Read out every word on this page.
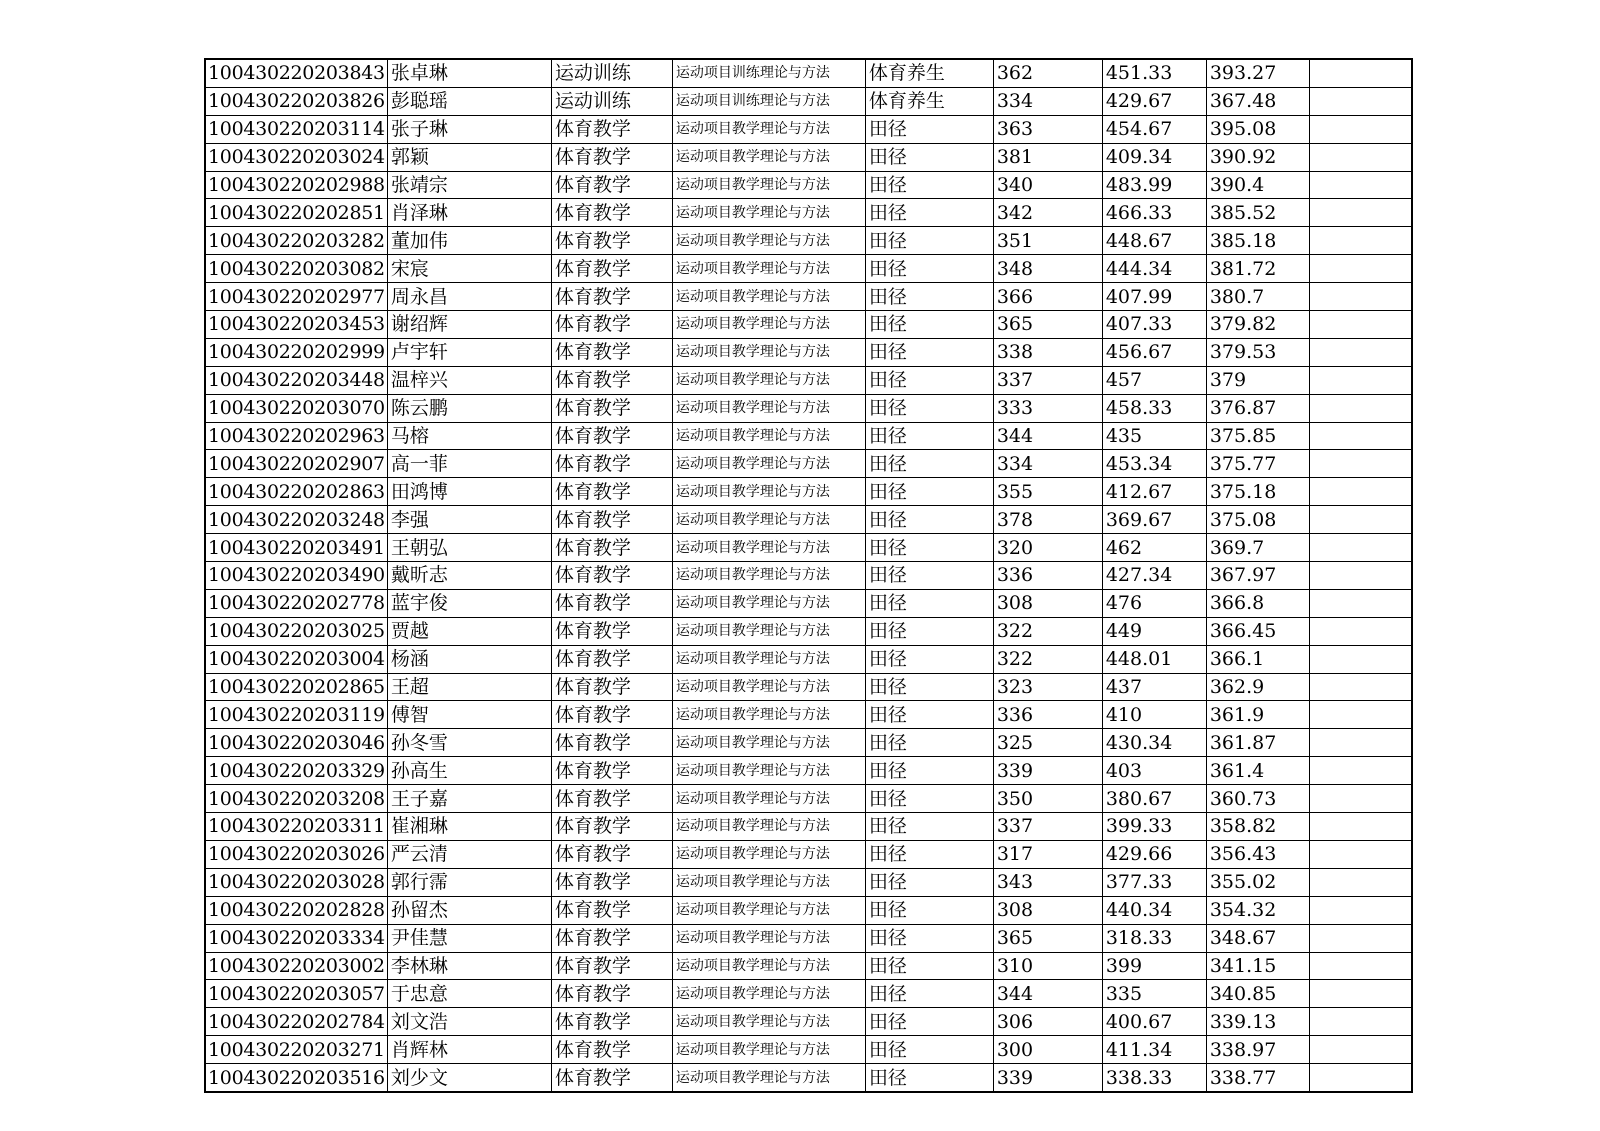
100430220203843	张卓琳	运动训练	运动项目训练理论与方法	体育养生	362	451.33	393.27	
100430220203826	彭聪瑶	运动训练	运动项目训练理论与方法	体育养生	334	429.67	367.48	
100430220203114	张子琳	体育教学	运动项目教学理论与方法	田径	363	454.67	395.08	
100430220203024	郭颖	体育教学	运动项目教学理论与方法	田径	381	409.34	390.92	
100430220202988	张靖宗	体育教学	运动项目教学理论与方法	田径	340	483.99	390.4	
100430220202851	肖泽琳	体育教学	运动项目教学理论与方法	田径	342	466.33	385.52	
100430220203282	董加伟	体育教学	运动项目教学理论与方法	田径	351	448.67	385.18	
100430220203082	宋宸	体育教学	运动项目教学理论与方法	田径	348	444.34	381.72	
100430220202977	周永昌	体育教学	运动项目教学理论与方法	田径	366	407.99	380.7	
100430220203453	谢绍辉	体育教学	运动项目教学理论与方法	田径	365	407.33	379.82	
100430220202999	卢宇轩	体育教学	运动项目教学理论与方法	田径	338	456.67	379.53	
100430220203448	温梓兴	体育教学	运动项目教学理论与方法	田径	337	457	379	
100430220203070	陈云鹏	体育教学	运动项目教学理论与方法	田径	333	458.33	376.87	
100430220202963	马榕	体育教学	运动项目教学理论与方法	田径	344	435	375.85	
100430220202907	高一菲	体育教学	运动项目教学理论与方法	田径	334	453.34	375.77	
100430220202863	田鸿博	体育教学	运动项目教学理论与方法	田径	355	412.67	375.18	
100430220203248	李强	体育教学	运动项目教学理论与方法	田径	378	369.67	375.08	
100430220203491	王朝弘	体育教学	运动项目教学理论与方法	田径	320	462	369.7	
100430220203490	戴昕志	体育教学	运动项目教学理论与方法	田径	336	427.34	367.97	
100430220202778	蓝宇俊	体育教学	运动项目教学理论与方法	田径	308	476	366.8	
100430220203025	贾越	体育教学	运动项目教学理论与方法	田径	322	449	366.45	
100430220203004	杨涵	体育教学	运动项目教学理论与方法	田径	322	448.01	366.1	
100430220202865	王超	体育教学	运动项目教学理论与方法	田径	323	437	362.9	
100430220203119	傅智	体育教学	运动项目教学理论与方法	田径	336	410	361.9	
100430220203046	孙冬雪	体育教学	运动项目教学理论与方法	田径	325	430.34	361.87	
100430220203329	孙高生	体育教学	运动项目教学理论与方法	田径	339	403	361.4	
100430220203208	王子嘉	体育教学	运动项目教学理论与方法	田径	350	380.67	360.73	
100430220203311	崔湘琳	体育教学	运动项目教学理论与方法	田径	337	399.33	358.82	
100430220203026	严云清	体育教学	运动项目教学理论与方法	田径	317	429.66	356.43	
100430220203028	郭行霈	体育教学	运动项目教学理论与方法	田径	343	377.33	355.02	
100430220202828	孙留杰	体育教学	运动项目教学理论与方法	田径	308	440.34	354.32	
100430220203334	尹佳慧	体育教学	运动项目教学理论与方法	田径	365	318.33	348.67	
100430220203002	李林琳	体育教学	运动项目教学理论与方法	田径	310	399	341.15	
100430220203057	于忠意	体育教学	运动项目教学理论与方法	田径	344	335	340.85	
100430220202784	刘文浩	体育教学	运动项目教学理论与方法	田径	306	400.67	339.13	
100430220203271	肖辉林	体育教学	运动项目教学理论与方法	田径	300	411.34	338.97	
100430220203516	刘少文	体育教学	运动项目教学理论与方法	田径	339	338.33	338.77	
